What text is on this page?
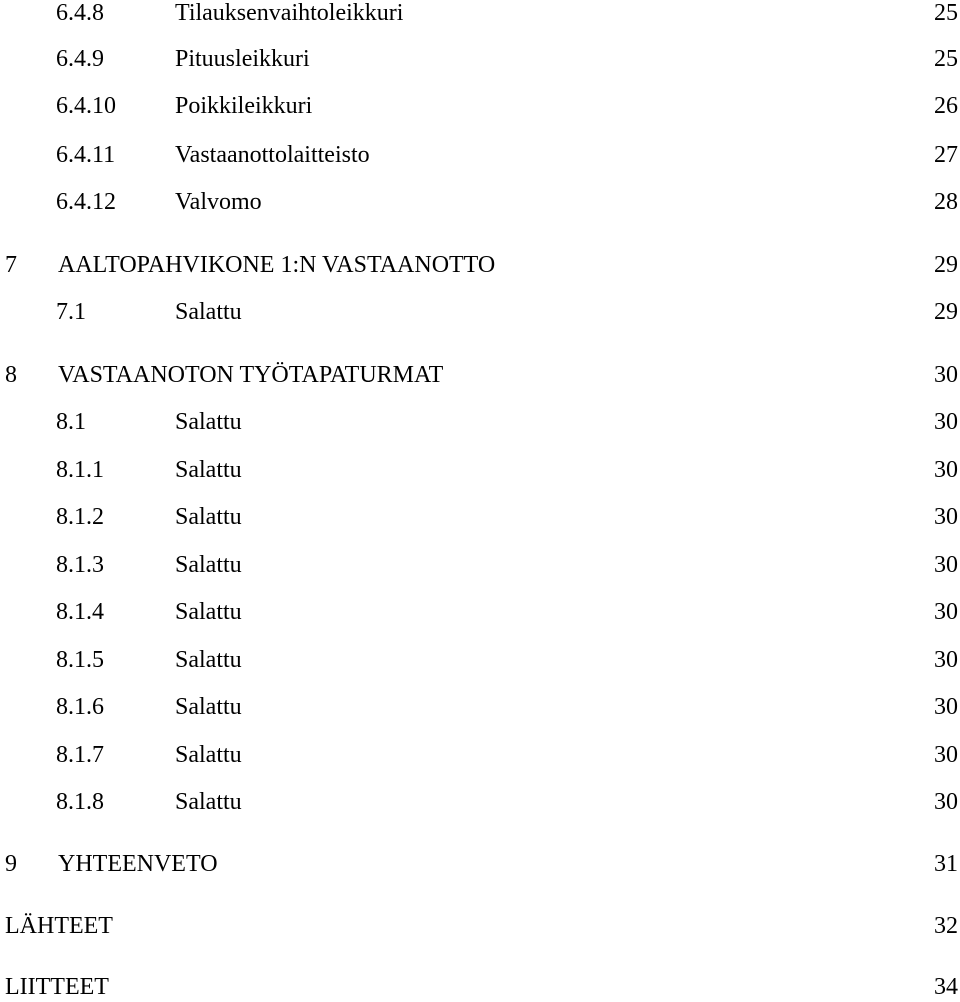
6.4.8	Tilauksenvaihtoleikkuri	25
6.4.9	Pituusleikkuri	25
6.4.10 Poikkileikkuri	26
6.4.11 Vastaanottolaitteisto	27
6.4.12 Valvomo	28
7 AALTOPAHVIKONE 1:N VASTAANOTTO	29
7.1	Salattu	29
8 VASTAANOTON TYÖTAPATURMAT	30
8.1	Salattu	30
8.1.1	Salattu	30
8.1.2	Salattu	30
8.1.3	Salattu	30
8.1.4	Salattu	30
8.1.5	Salattu	30
8.1.6	Salattu	30
8.1.7	Salattu	30
8.1.8	Salattu	30
9 YHTEENVETO	31
LÄHTEET	32
LIITTEET	34
